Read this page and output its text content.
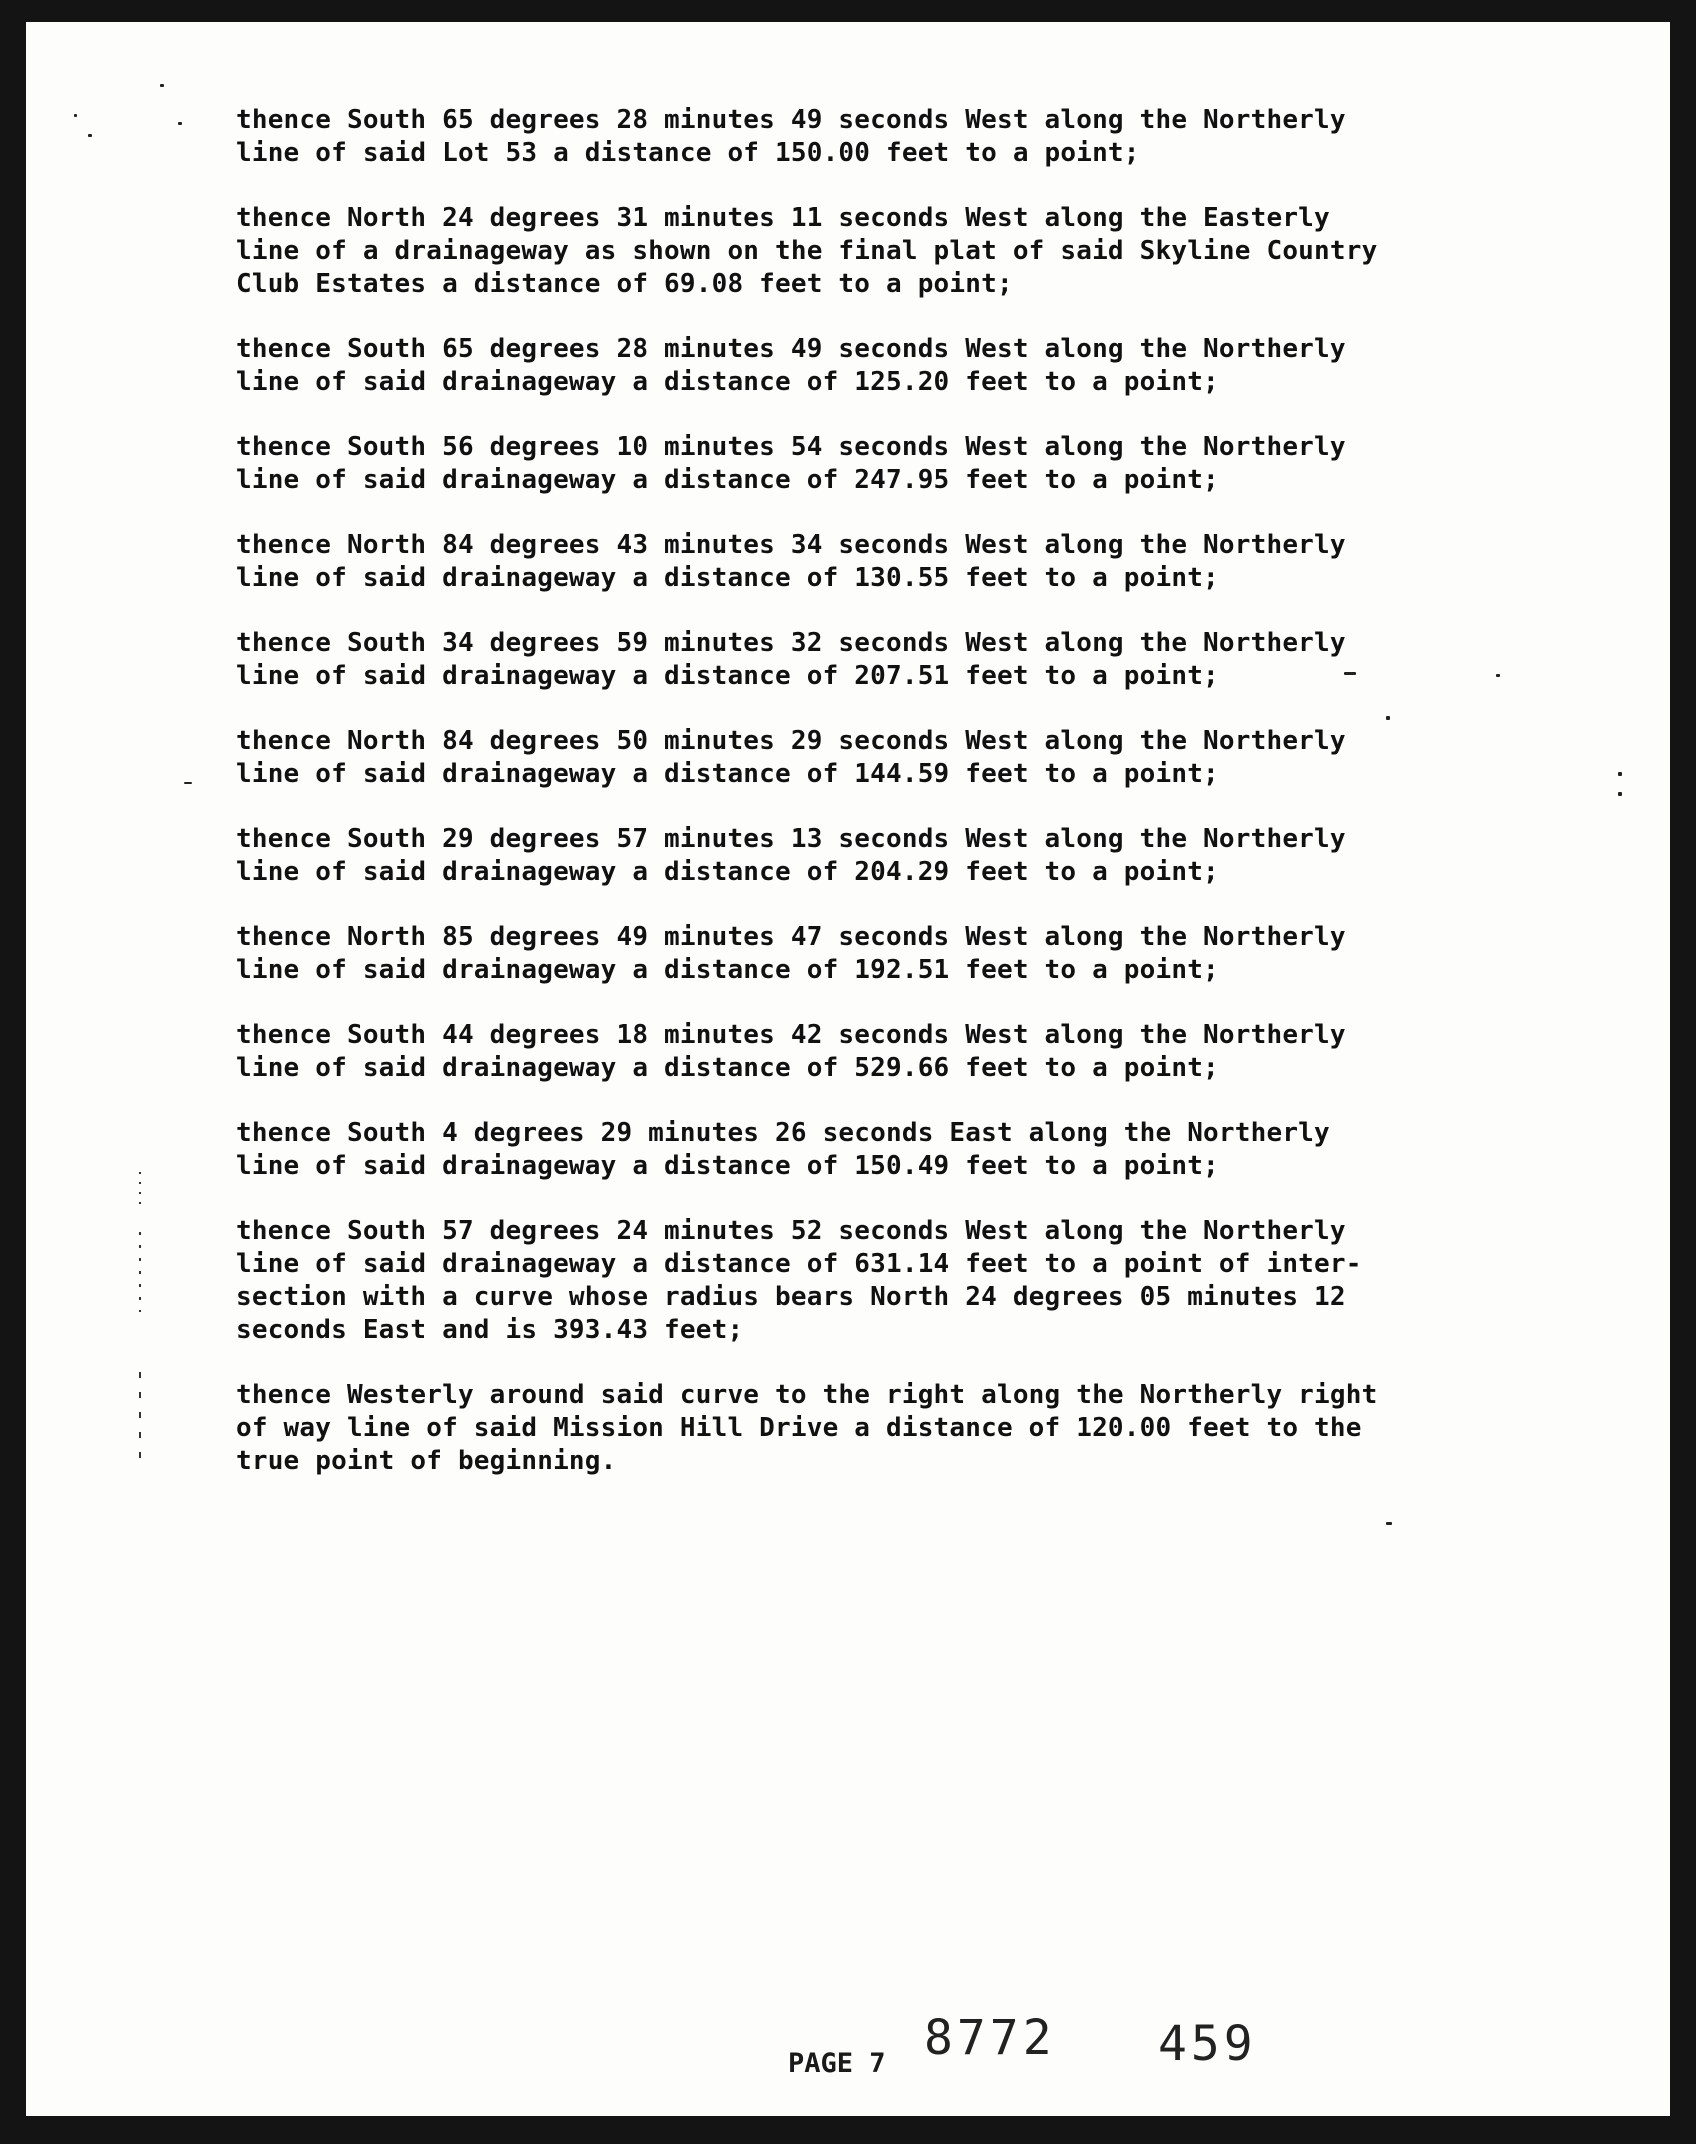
thence South 65 degrees 28 minutes 49 seconds West along the Northerly
line of said Lot 53 a distance of 150.00 feet to a point;

thence North 24 degrees 31 minutes 11 seconds West along the Easterly
line of a drainageway as shown on the final plat of said Skyline Country
Club Estates a distance of 69.08 feet to a point;

thence South 65 degrees 28 minutes 49 seconds West along the Northerly
line of said drainageway a distance of 125.20 feet to a point;

thence South 56 degrees 10 minutes 54 seconds West along the Northerly
line of said drainageway a distance of 247.95 feet to a point;

thence North 84 degrees 43 minutes 34 seconds West along the Northerly
line of said drainageway a distance of 130.55 feet to a point;

thence South 34 degrees 59 minutes 32 seconds West along the Northerly
line of said drainageway a distance of 207.51 feet to a point;

thence North 84 degrees 50 minutes 29 seconds West along the Northerly
line of said drainageway a distance of 144.59 feet to a point;

thence South 29 degrees 57 minutes 13 seconds West along the Northerly
line of said drainageway a distance of 204.29 feet to a point;

thence North 85 degrees 49 minutes 47 seconds West along the Northerly
line of said drainageway a distance of 192.51 feet to a point;

thence South 44 degrees 18 minutes 42 seconds West along the Northerly
line of said drainageway a distance of 529.66 feet to a point;

thence South 4 degrees 29 minutes 26 seconds East along the Northerly
line of said drainageway a distance of 150.49 feet to a point;

thence South 57 degrees 24 minutes 52 seconds West along the Northerly
line of said drainageway a distance of 631.14 feet to a point of inter-
section with a curve whose radius bears North 24 degrees 05 minutes 12
seconds East and is 393.43 feet;

thence Westerly around said curve to the right along the Northerly right
of way line of said Mission Hill Drive a distance of 120.00 feet to the
true point of beginning.

PAGE 7 8772 459
